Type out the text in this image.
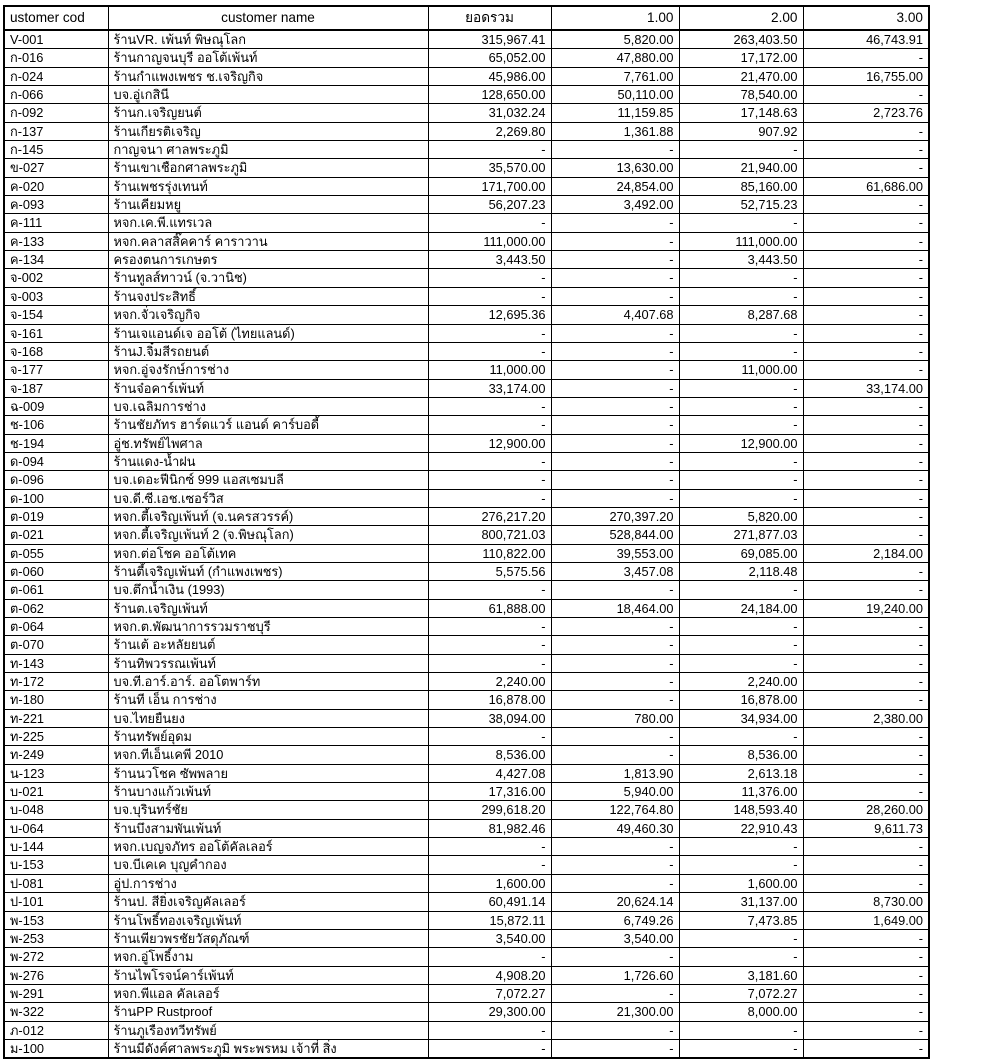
ustomer cod	customer name	ยอดรวม	1.00	2.00	3.00
V-001	ร้านVR. เพ้นท์ พิษณุโลก	315,967.41	5,820.00	263,403.50	46,743.91
ก-016	ร้านกาญจนบุรี ออโต้เพ้นท์	65,052.00	47,880.00	17,172.00	-
ก-024	ร้านกำแพงเพชร ช.เจริญกิจ	45,986.00	7,761.00	21,470.00	16,755.00
ก-066	บจ.อู่เกสินี	128,650.00	50,110.00	78,540.00	-
ก-092	ร้านก.เจริญยนต์	31,032.24	11,159.85	17,148.63	2,723.76
ก-137	ร้านเกียรติเจริญ	2,269.80	1,361.88	907.92	-
ก-145	กาญจนา ศาลพระภูมิ	-	-	-	-
ข-027	ร้านเขาเชือกศาลพระภูมิ	35,570.00	13,630.00	21,940.00	-
ค-020	ร้านเพชรรุ่งเทนท์	171,700.00	24,854.00	85,160.00	61,686.00
ค-093	ร้านเคียมหยู	56,207.23	3,492.00	52,715.23	-
ค-111	หจก.เค.พี.แทรเวล	-	-	-	-
ค-133	หจก.คลาสสิ๊คคาร์ คาราวาน	111,000.00	-	111,000.00	-
ค-134	ครองตนการเกษตร	3,443.50	-	3,443.50	-
จ-002	ร้านทูลส์ทาวน์ (จ.วานิช)	-	-	-	-
จ-003	ร้านจงประสิทธิ์	-	-	-	-
จ-154	หจก.จั่วเจริญกิจ	12,695.36	4,407.68	8,287.68	-
จ-161	ร้านเจแอนด์เจ ออโต้ (ไทยแลนด์)	-	-	-	-
จ-168	ร้านJ.จิ๋มสีรถยนต์	-	-	-	-
จ-177	หจก.อู่จงรักษ์การช่าง	11,000.00	-	11,000.00	-
จ-187	ร้านจ๋อคาร์เพ้นท์	33,174.00	-	-	33,174.00
ฉ-009	บจ.เฉลิมการช่าง	-	-	-	-
ช-106	ร้านชัยภัทร ฮาร์ดแวร์ แอนด์ คาร์บอดี้	-	-	-	-
ช-194	อู่ช.ทรัพย์ไพศาล	12,900.00	-	12,900.00	-
ด-094	ร้านแดง-น้ำฝน	-	-	-	-
ด-096	บจ.เดอะฟีนิกซ์ 999 แอสเซมบลี	-	-	-	-
ด-100	บจ.ดี.ซี.เอช.เซอร์วิส	-	-	-	-
ต-019	หจก.ตี้เจริญเพ้นท์ (จ.นครสวรรค์)	276,217.20	270,397.20	5,820.00	-
ต-021	หจก.ตี้เจริญเพ้นท์ 2 (จ.พิษณุโลก)	800,721.03	528,844.00	271,877.03	-
ต-055	หจก.ต่อโชค ออโต้เทค	110,822.00	39,553.00	69,085.00	2,184.00
ต-060	ร้านตี้เจริญเพ้นท์ (กำแพงเพชร)	5,575.56	3,457.08	2,118.48	-
ต-061	บจ.ตึกน้ำเงิน (1993)	-	-	-	-
ต-062	ร้านต.เจริญเพ้นท์	61,888.00	18,464.00	24,184.00	19,240.00
ต-064	หจก.ต.พัฒนาการรวมราชบุรี	-	-	-	-
ต-070	ร้านเต้ อะหลัยยนต์	-	-	-	-
ท-143	ร้านทิพวรรณเพ้นท์	-	-	-	-
ท-172	บจ.ที.อาร์.อาร์. ออโตพาร์ท	2,240.00	-	2,240.00	-
ท-180	ร้านที เอ็น การช่าง	16,878.00	-	16,878.00	-
ท-221	บจ.ไทยยืนยง	38,094.00	780.00	34,934.00	2,380.00
ท-225	ร้านทรัพย์อุดม	-	-	-	-
ท-249	หจก.ทีเอ็นเคพี 2010	8,536.00	-	8,536.00	-
น-123	ร้านนวโชค ซัพพลาย	4,427.08	1,813.90	2,613.18	-
บ-021	ร้านบางแก้วเพ้นท์	17,316.00	5,940.00	11,376.00	-
บ-048	บจ.บุรินทร์ชัย	299,618.20	122,764.80	148,593.40	28,260.00
บ-064	ร้านบึงสามพันเพ้นท์	81,982.46	49,460.30	22,910.43	9,611.73
บ-144	หจก.เบญจภัทร ออโต้คัลเลอร์	-	-	-	-
บ-153	บจ.บีเคเค บุญคำกอง	-	-	-	-
ป-081	อู่ป.การช่าง	1,600.00	-	1,600.00	-
ป-101	ร้านป. สียิ่งเจริญคัลเลอร์	60,491.14	20,624.14	31,137.00	8,730.00
พ-153	ร้านโพธิ์ทองเจริญเพ้นท์	15,872.11	6,749.26	7,473.85	1,649.00
พ-253	ร้านเพียวพรชัยวัสดุภัณฑ์	3,540.00	3,540.00	-	-
พ-272	หจก.อู่โพธิ์งาม	-	-	-	-
พ-276	ร้านไพโรจน์คาร์เพ้นท์	4,908.20	1,726.60	3,181.60	-
พ-291	หจก.พีแอล คัลเลอร์	7,072.27	-	7,072.27	-
พ-322	ร้านPP Rustproof	29,300.00	21,300.00	8,000.00	-
ภ-012	ร้านภูเรืองทวีทรัพย์	-	-	-	-
ม-100	ร้านมีดังค์ศาลพระภูมิ พระพรหม เจ้าที่ สิ่ง	-	-	-	-
